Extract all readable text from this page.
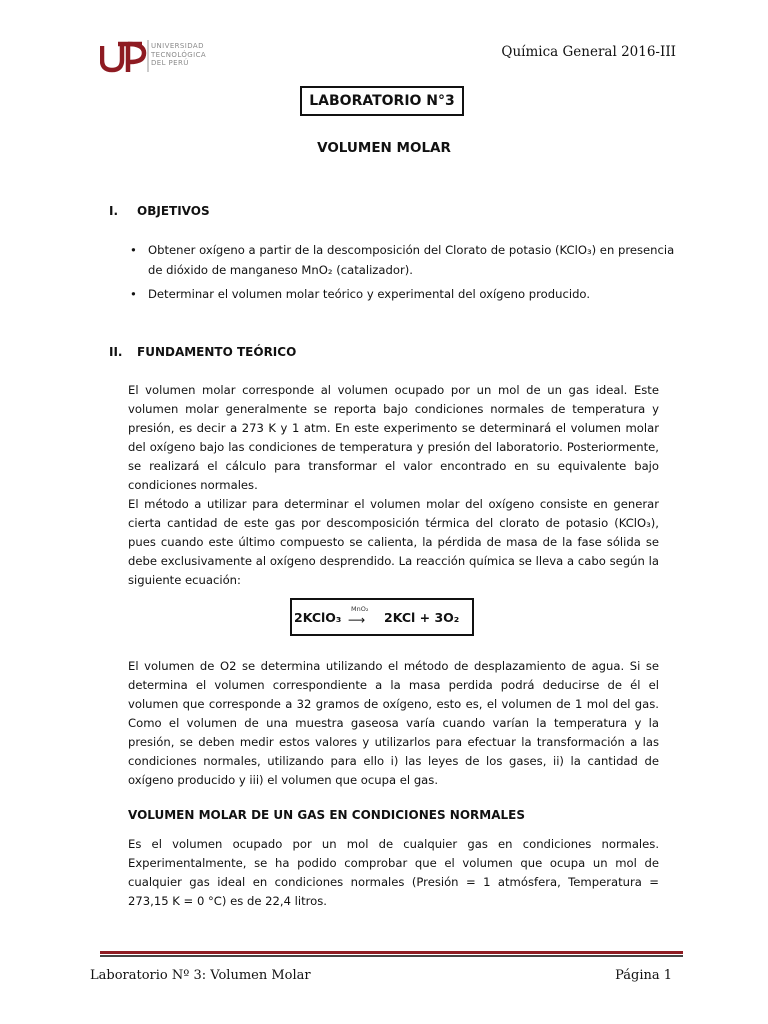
UNIVERSIDAD
TECNOLÓGICA
DEL PERÚ
Química General 2016-III
LABORATORIO N°3
VOLUMEN MOLAR
I. OBJETIVOS
• Obtener oxígeno a partir de la descomposición del Clorato de potasio (KClO₃) en presencia de dióxido de manganeso MnO₂ (catalizador).
• Determinar el volumen molar teórico y experimental del oxígeno producido.
II. FUNDAMENTO TEÓRICO
El volumen molar corresponde al volumen ocupado por un mol de un gas ideal. Este volumen molar generalmente se reporta bajo condiciones normales de temperatura y presión, es decir a 273 K y 1 atm. En este experimento se determinará el volumen molar del oxígeno bajo las condiciones de temperatura y presión del laboratorio. Posteriormente, se realizará el cálculo para transformar el valor encontrado en su equivalente bajo condiciones normales.
El método a utilizar para determinar el volumen molar del oxígeno consiste en generar cierta cantidad de este gas por descomposición térmica del clorato de potasio (KClO₃), pues cuando este último compuesto se calienta, la pérdida de masa de la fase sólida se debe exclusivamente al oxígeno desprendido. La reacción química se lleva a cabo según la siguiente ecuación:
2KClO₃
MnO₂
⟶ 2KCl + 3O₂
El volumen de O2 se determina utilizando el método de desplazamiento de agua. Si se determina el volumen correspondiente a la masa perdida podrá deducirse de él el volumen que corresponde a 32 gramos de oxígeno, esto es, el volumen de 1 mol del gas. Como el volumen de una muestra gaseosa varía cuando varían la temperatura y la presión, se deben medir estos valores y utilizarlos para efectuar la transformación a las condiciones normales, utilizando para ello i) las leyes de los gases, ii) la cantidad de oxígeno producido y iii) el volumen que ocupa el gas.
VOLUMEN MOLAR DE UN GAS EN CONDICIONES NORMALES
Es el volumen ocupado por un mol de cualquier gas en condiciones normales. Experimentalmente, se ha podido comprobar que el volumen que ocupa un mol de cualquier gas ideal en condiciones normales (Presión = 1 atmósfera, Temperatura = 273,15 K = 0 °C) es de 22,4 litros.
Laboratorio Nº 3: Volumen Molar	Página 1
